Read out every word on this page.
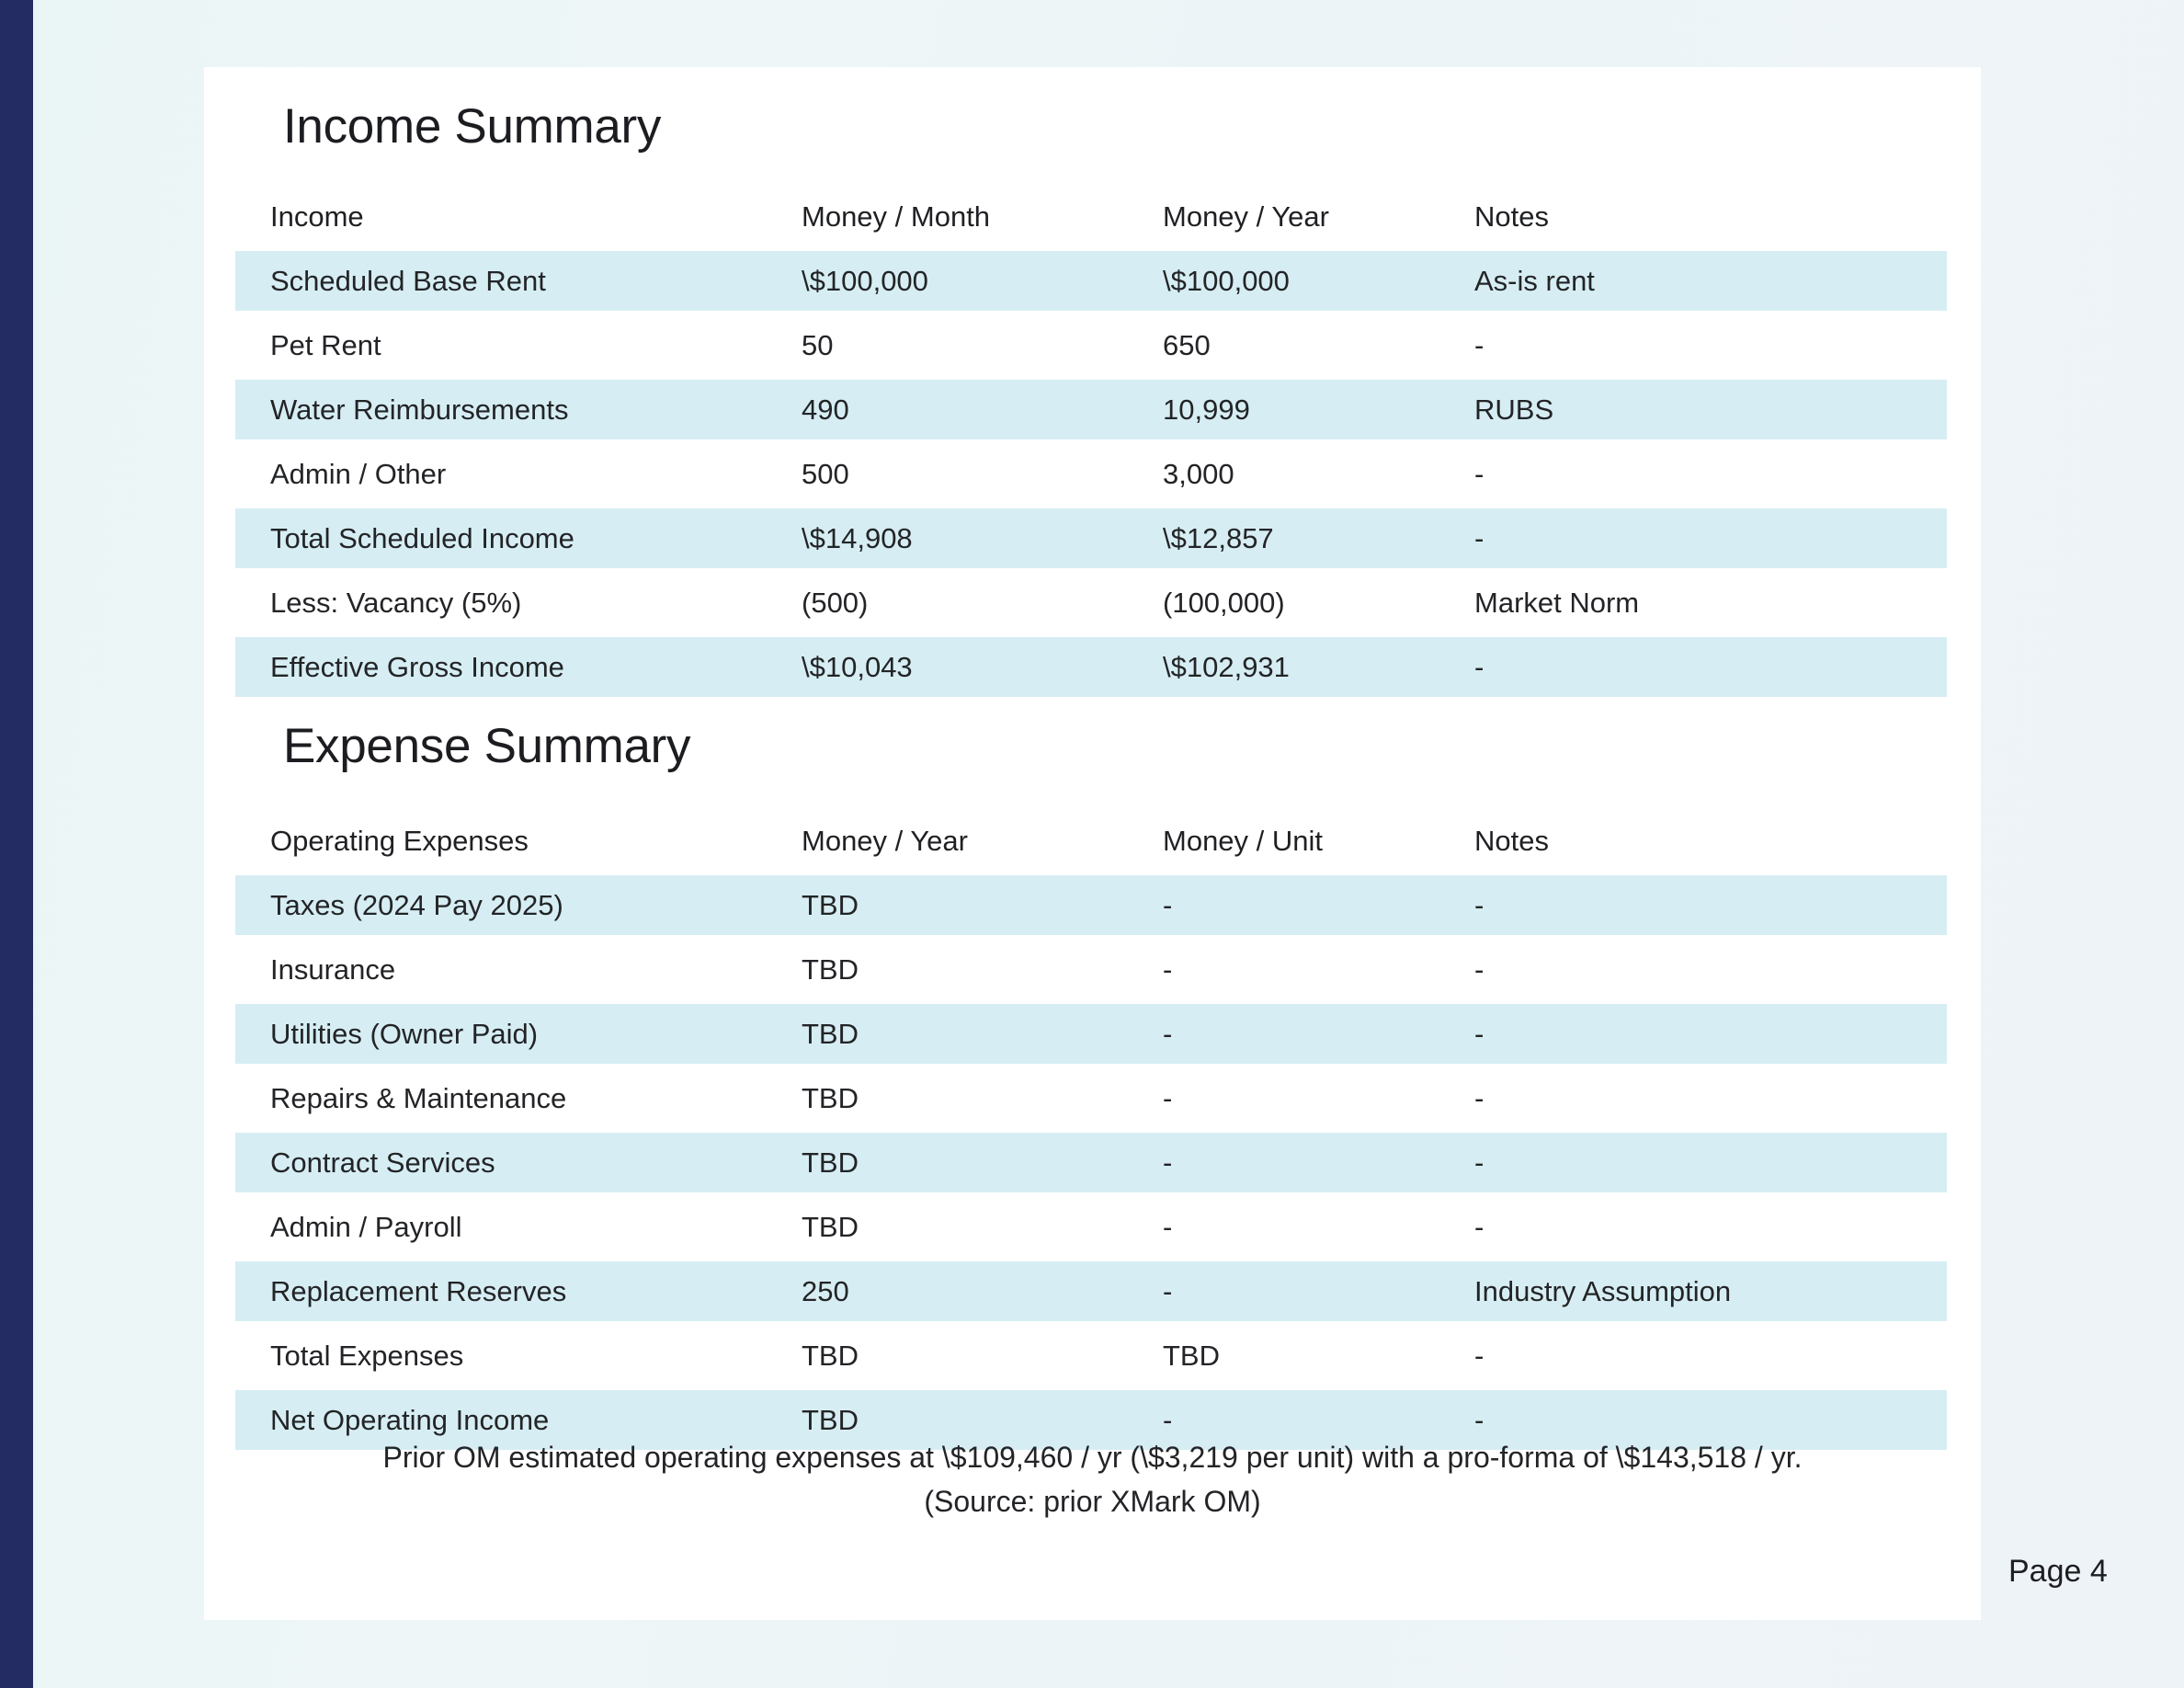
Income Summary
Income	Money / Month	Money / Year	Notes
Scheduled Base Rent	\$100,000	\$100,000	As-is rent
Pet Rent	50	650	-
Water Reimbursements	490	10,999	RUBS
Admin / Other	500	3,000	-
Total Scheduled Income	\$14,908	\$12,857	-
Less: Vacancy (5%)	(500)	(100,000)	Market Norm
Effective Gross Income	\$10,043	\$102,931	-
Expense Summary
Operating Expenses	Money / Year	Money / Unit	Notes
Taxes (2024 Pay 2025)	TBD	-	-
Insurance	TBD	-	-
Utilities (Owner Paid)	TBD	-	-
Repairs & Maintenance	TBD	-	-
Contract Services	TBD	-	-
Admin / Payroll	TBD	-	-
Replacement Reserves	250	-	Industry Assumption
Total Expenses	TBD	TBD	-
Net Operating Income	TBD	-	-
Prior OM estimated operating expenses at \$109,460 / yr (\$3,219 per unit) with a pro-forma of \$143,518 / yr.
(Source: prior XMark OM)
Page 4
